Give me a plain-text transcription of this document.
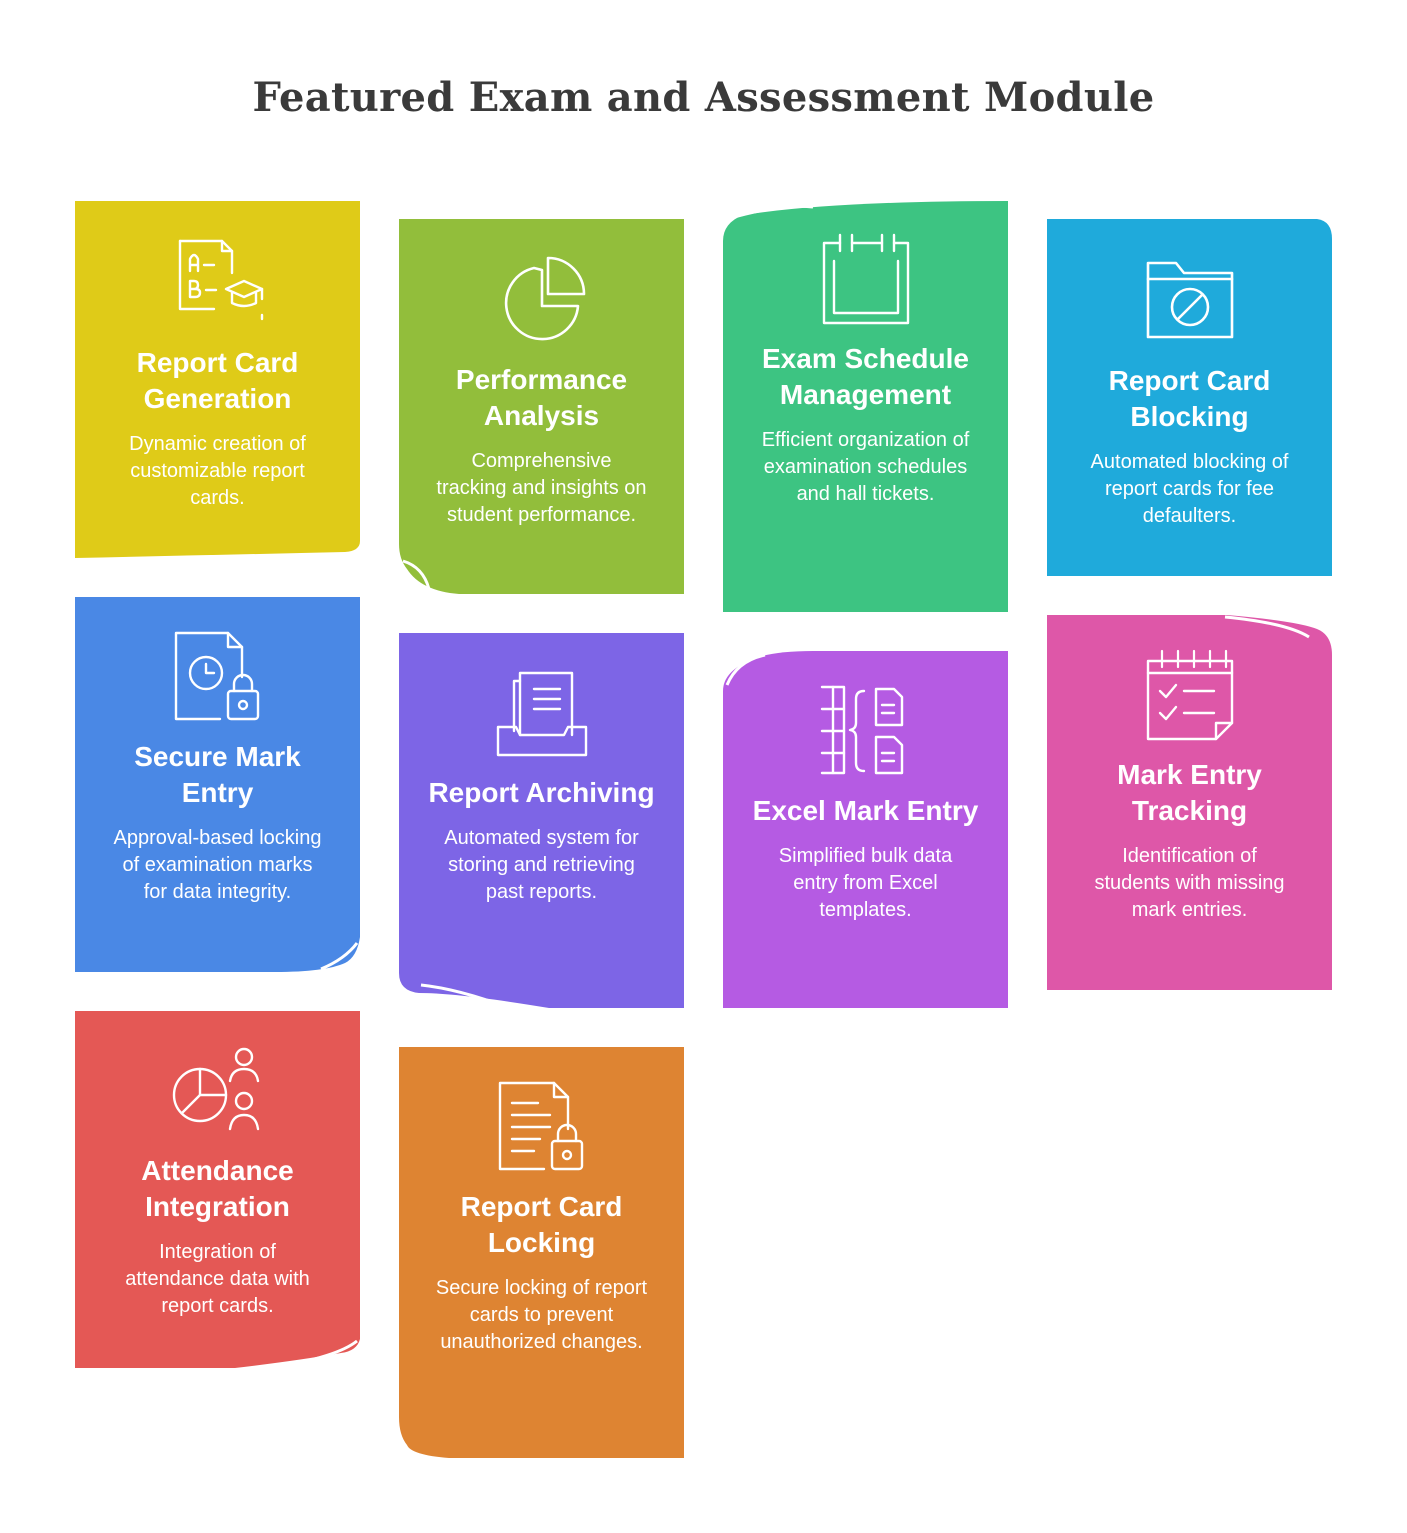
Featured Exam and Assessment Module
Report Card Generation

Dynamic creation of customizable report cards.

Performance Analysis

Comprehensive tracking and insights on student performance.

Exam Schedule Management

Efficient organization of examination schedules and hall tickets.

Report Card Blocking

Automated blocking of report cards for fee defaulters.

Secure Mark Entry

Approval-based locking of examination marks for data integrity.

Report Archiving

Automated system for storing and retrieving past reports.

Excel Mark Entry

Simplified bulk data entry from Excel templates.

Mark Entry Tracking

Identification of students with missing mark entries.

Attendance Integration

Integration of attendance data with report cards.

Report Card Locking

Secure locking of report cards to prevent unauthorized changes.
